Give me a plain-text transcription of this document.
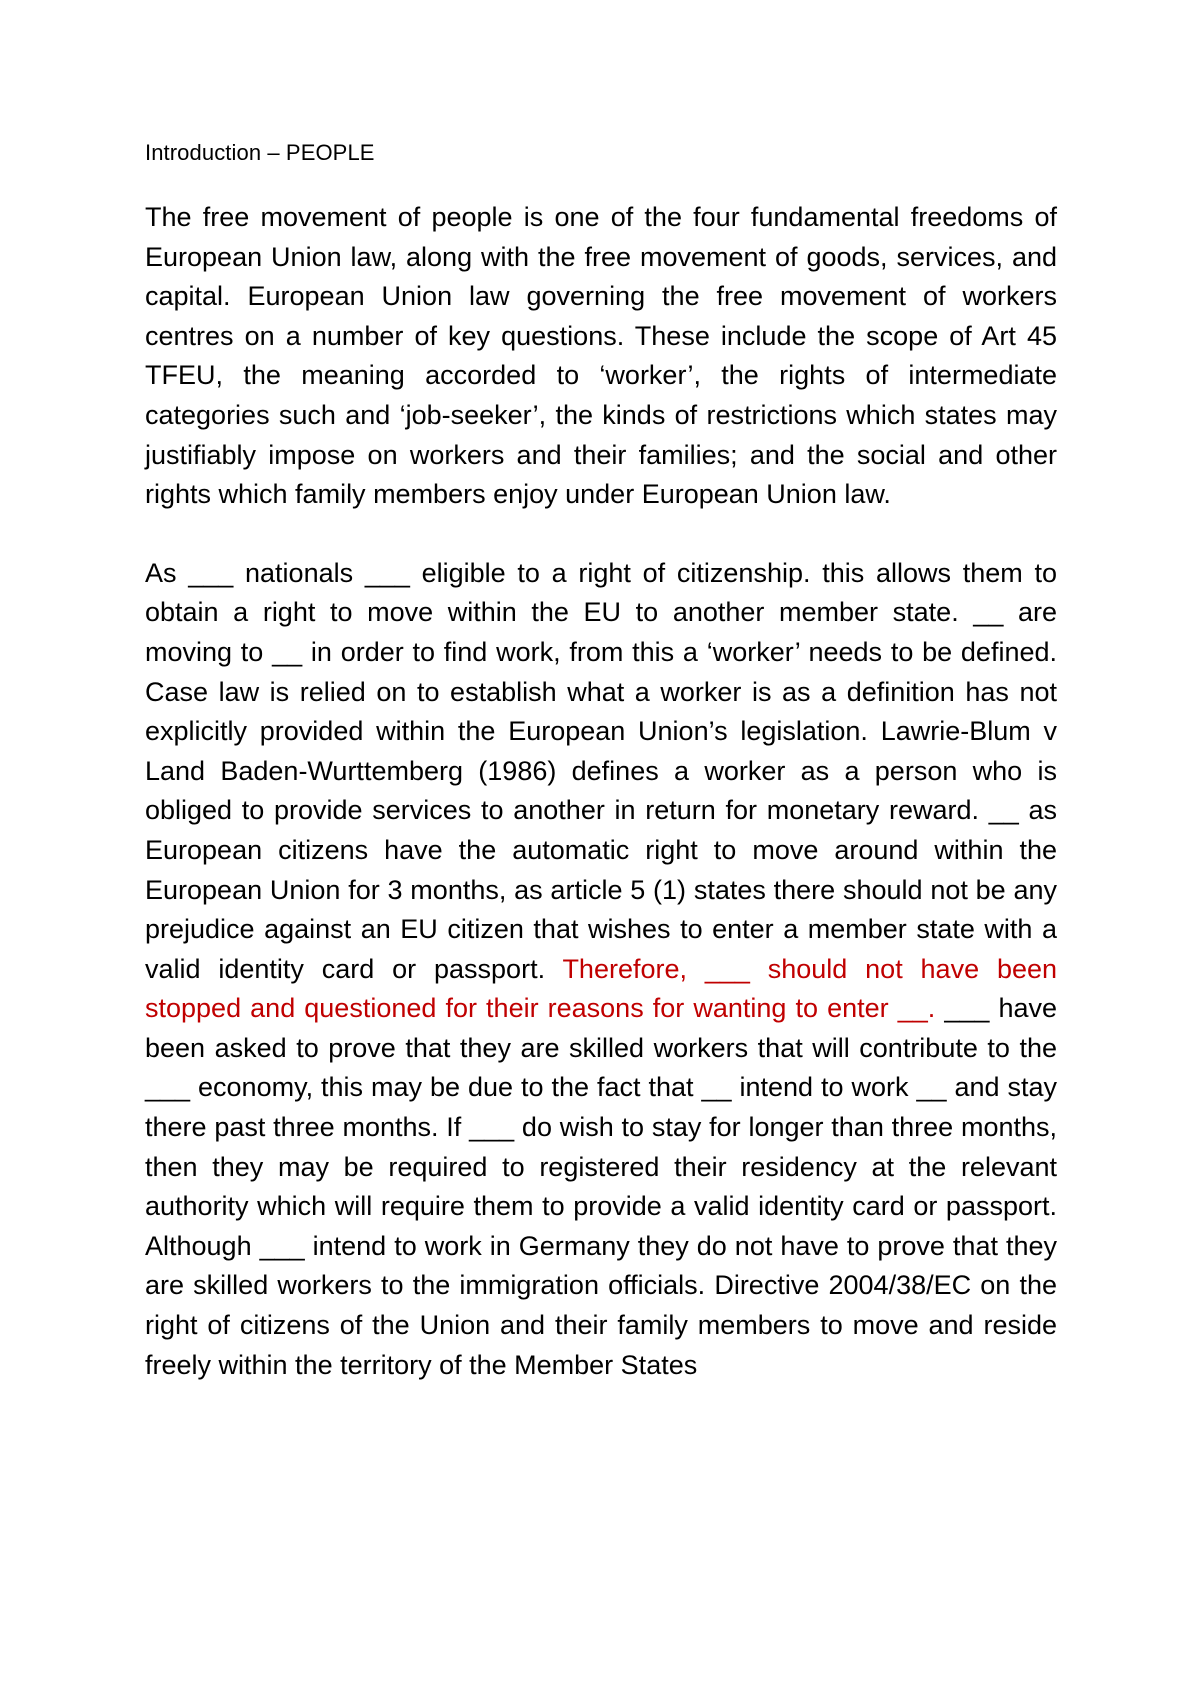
Introduction – PEOPLE

The free movement of people is one of the four fundamental freedoms of European Union law, along with the free movement of goods, services, and capital. European Union law governing the free movement of workers centres on a number of key questions. These include the scope of Art 45 TFEU, the meaning accorded to ‘worker’, the rights of intermediate categories such and ‘job-seeker’, the kinds of restrictions which states may justifiably impose on workers and their families; and the social and other rights which family members enjoy under European Union law.

As ___ nationals ___ eligible to a right of citizenship. this allows them to obtain a right to move within the EU to another member state. __ are moving to __ in order to find work, from this a ‘worker’ needs to be defined. Case law is relied on to establish what a worker is as a definition has not explicitly provided within the European Union’s legislation. Lawrie-Blum v Land Baden-Wurttemberg (1986) defines a worker as a person who is obliged to provide services to another in return for monetary reward. __ as European citizens have the automatic right to move around within the European Union for 3 months, as article 5 (1) states there should not be any prejudice against an EU citizen that wishes to enter a member state with a valid identity card or passport. Therefore, ___ should not have been stopped and questioned for their reasons for wanting to enter __. ___ have been asked to prove that they are skilled workers that will contribute to the ___ economy, this may be due to the fact that __ intend to work __ and stay there past three months. If ___ do wish to stay for longer than three months, then they may be required to registered their residency at the relevant authority which will require them to provide a valid identity card or passport. Although ___ intend to work in Germany they do not have to prove that they are skilled workers to the immigration officials. Directive 2004/38/EC on the right of citizens of the Union and their family members to move and reside freely within the territory of the Member States
